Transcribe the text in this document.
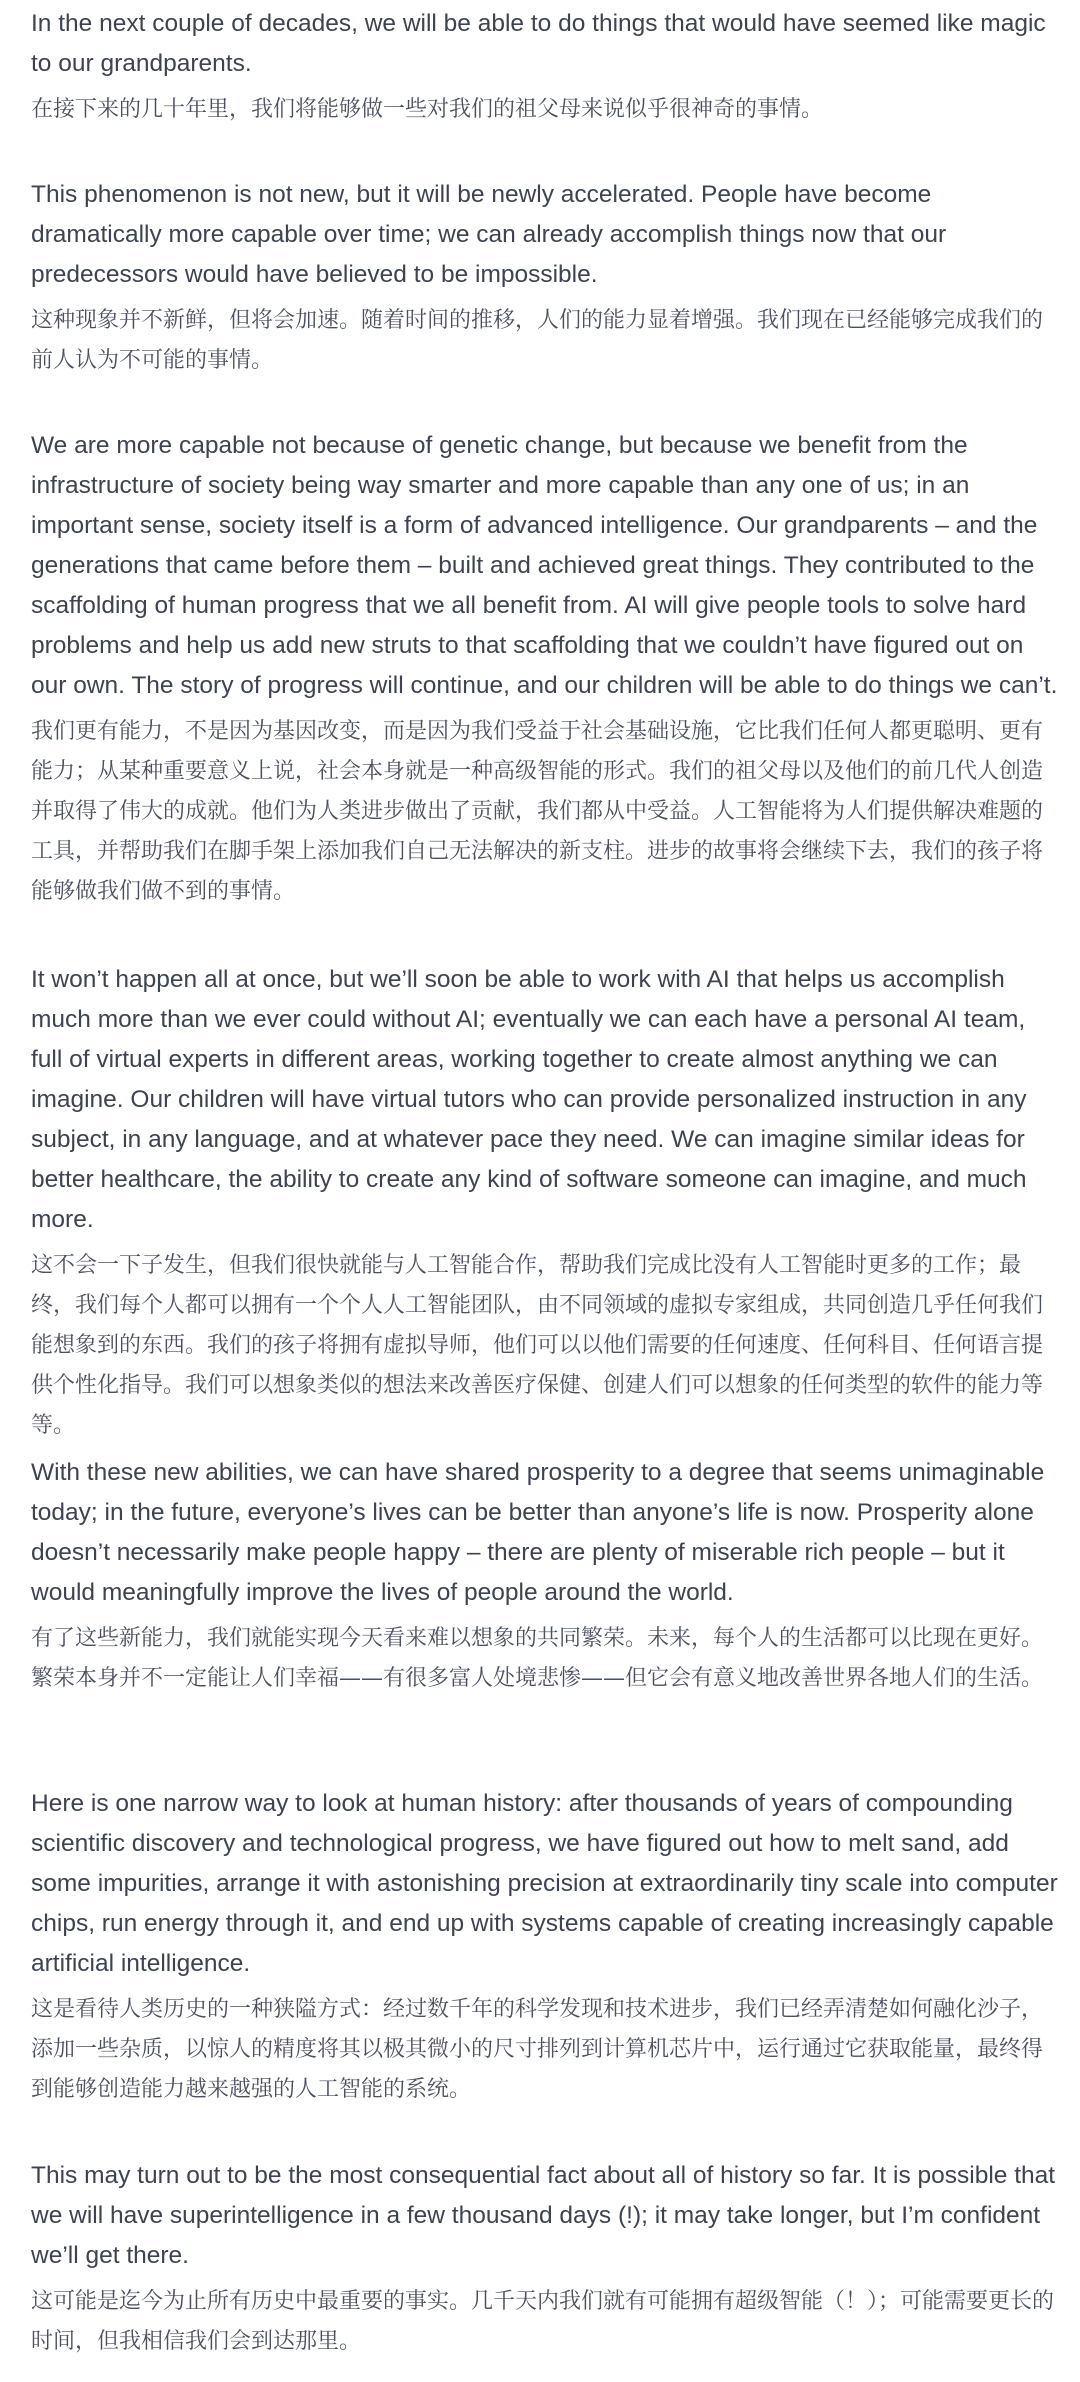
In the next couple of decades, we will be able to do things that would have seemed like magic to our grandparents.

在接下来的几十年里，我们将能够做一些对我们的祖父母来说似乎很神奇的事情。

This phenomenon is not new, but it will be newly accelerated. People have become dramatically more capable over time; we can already accomplish things now that our predecessors would have believed to be impossible.

这种现象并不新鲜，但将会加速。随着时间的推移，人们的能力显着增强。我们现在已经能够完成我们的前人认为不可能的事情。

We are more capable not because of genetic change, but because we benefit from the infrastructure of society being way smarter and more capable than any one of us; in an important sense, society itself is a form of advanced intelligence. Our grandparents – and the generations that came before them – built and achieved great things. They contributed to the scaffolding of human progress that we all benefit from. AI will give people tools to solve hard problems and help us add new struts to that scaffolding that we couldn’t have figured out on our own. The story of progress will continue, and our children will be able to do things we can’t.

我们更有能力，不是因为基因改变，而是因为我们受益于社会基础设施，它比我们任何人都更聪明、更有能力；从某种重要意义上说，社会本身就是一种高级智能的形式。我们的祖父母以及他们的前几代人创造并取得了伟大的成就。他们为人类进步做出了贡献，我们都从中受益。人工智能将为人们提供解决难题的工具，并帮助我们在脚手架上添加我们自己无法解决的新支柱。进步的故事将会继续下去，我们的孩子将能够做我们做不到的事情。

It won’t happen all at once, but we’ll soon be able to work with AI that helps us accomplish much more than we ever could without AI; eventually we can each have a personal AI team, full of virtual experts in different areas, working together to create almost anything we can imagine. Our children will have virtual tutors who can provide personalized instruction in any subject, in any language, and at whatever pace they need. We can imagine similar ideas for better healthcare, the ability to create any kind of software someone can imagine, and much more.

这不会一下子发生，但我们很快就能与人工智能合作，帮助我们完成比没有人工智能时更多的工作；最终，我们每个人都可以拥有一个个人人工智能团队，由不同领域的虚拟专家组成，共同创造几乎任何我们能想象到的东西。我们的孩子将拥有虚拟导师，他们可以以他们需要的任何速度、任何科目、任何语言提供个性化指导。我们可以想象类似的想法来改善医疗保健、创建人们可以想象的任何类型的软件的能力等等。

With these new abilities, we can have shared prosperity to a degree that seems unimaginable today; in the future, everyone’s lives can be better than anyone’s life is now. Prosperity alone doesn’t necessarily make people happy – there are plenty of miserable rich people – but it would meaningfully improve the lives of people around the world.

有了这些新能力，我们就能实现今天看来难以想象的共同繁荣。未来，每个人的生活都可以比现在更好。繁荣本身并不一定能让人们幸福——有很多富人处境悲惨——但它会有意义地改善世界各地人们的生活。

Here is one narrow way to look at human history: after thousands of years of compounding scientific discovery and technological progress, we have figured out how to melt sand, add some impurities, arrange it with astonishing precision at extraordinarily tiny scale into computer chips, run energy through it, and end up with systems capable of creating increasingly capable artificial intelligence.

这是看待人类历史的一种狭隘方式：经过数千年的科学发现和技术进步，我们已经弄清楚如何融化沙子，添加一些杂质，以惊人的精度将其以极其微小的尺寸排列到计算机芯片中，运行通过它获取能量，最终得到能够创造能力越来越强的人工智能的系统。

This may turn out to be the most consequential fact about all of history so far. It is possible that we will have superintelligence in a few thousand days (!); it may take longer, but I’m confident we’ll get there.

这可能是迄今为止所有历史中最重要的事实。几千天内我们就有可能拥有超级智能（！）；可能需要更长的时间，但我相信我们会到达那里。
